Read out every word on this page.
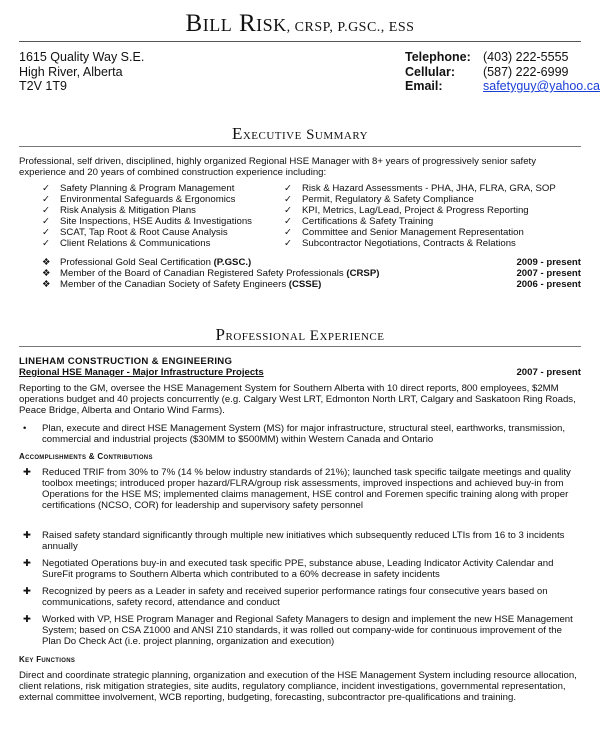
Bill Risk, CRSP, P.GSC., ESS
1615 Quality Way S.E.
High River, Alberta
T2V 1T9
Telephone: (403) 222-5555
Cellular: (587) 222-6999
Email:	safetyguy@yahoo.ca
Executive Summary
Professional, self driven, disciplined, highly organized Regional HSE Manager with 8+ years of progressively senior safety experience and 20 years of combined construction experience including:
✓ Safety Planning & Program Management
✓ Environmental Safeguards & Ergonomics
✓ Risk Analysis & Mitigation Plans
✓ Site Inspections, HSE Audits & Investigations
✓ SCAT, Tap Root & Root Cause Analysis
✓ Client Relations & Communications
✓ Risk & Hazard Assessments - PHA, JHA, FLRA, GRA, SOP
✓ Permit, Regulatory & Safety Compliance
✓ KPI, Metrics, Lag/Lead, Project & Progress Reporting
✓ Certifications & Safety Training
✓ Committee and Senior Management Representation
✓ Subcontractor Negotiations, Contracts & Relations
❖ Professional Gold Seal Certification (P.GSC.)	2009 - present
❖ Member of the Board of Canadian Registered Safety Professionals (CRSP)	2007 - present
❖ Member of the Canadian Society of Safety Engineers (CSSE)	2006 - present
Professional Experience
LINEHAM CONSTRUCTION & ENGINEERING
Regional HSE Manager - Major Infrastructure Projects	2007 - present
Reporting to the GM, oversee the HSE Management System for Southern Alberta with 10 direct reports, 800 employees, $2MM operations budget and 40 projects concurrently (e.g. Calgary West LRT, Edmonton North LRT, Calgary and Saskatoon Ring Roads, Peace Bridge, Alberta and Ontario Wind Farms).
•	Plan, execute and direct HSE Management System (MS) for major infrastructure, structural steel, earthworks, transmission, commercial and industrial projects ($30MM to $500MM) within Western Canada and Ontario
Accomplishments & Contributions
✚	Reduced TRIF from 30% to 7% (14 % below industry standards of 21%); launched task specific tailgate meetings and quality toolbox meetings; introduced proper hazard/FLRA/group risk assessments, improved inspections and achieved buy-in from Operations for the HSE MS; implemented claims management, HSE control and Foremen specific training along with proper certifications (NCSO, COR) for leadership and supervisory safety personnel
✚	Raised safety standard significantly through multiple new initiatives which subsequently reduced LTIs from 16 to 3 incidents annually
✚	Negotiated Operations buy-in and executed task specific PPE, substance abuse, Leading Indicator Activity Calendar and SureFit programs to Southern Alberta which contributed to a 60% decrease in safety incidents
✚	Recognized by peers as a Leader in safety and received superior performance ratings four consecutive years based on communications, safety record, attendance and conduct
✚	Worked with VP, HSE Program Manager and Regional Safety Managers to design and implement the new HSE Management System; based on CSA Z1000 and ANSI Z10 standards, it was rolled out company-wide for continuous improvement of the Plan Do Check Act (i.e. project planning, organization and execution)
Key Functions
Direct and coordinate strategic planning, organization and execution of the HSE Management System including resource allocation, client relations, risk mitigation strategies, site audits, regulatory compliance, incident investigations, governmental representation, external committee involvement, WCB reporting, budgeting, forecasting, subcontractor pre-qualifications and training.
